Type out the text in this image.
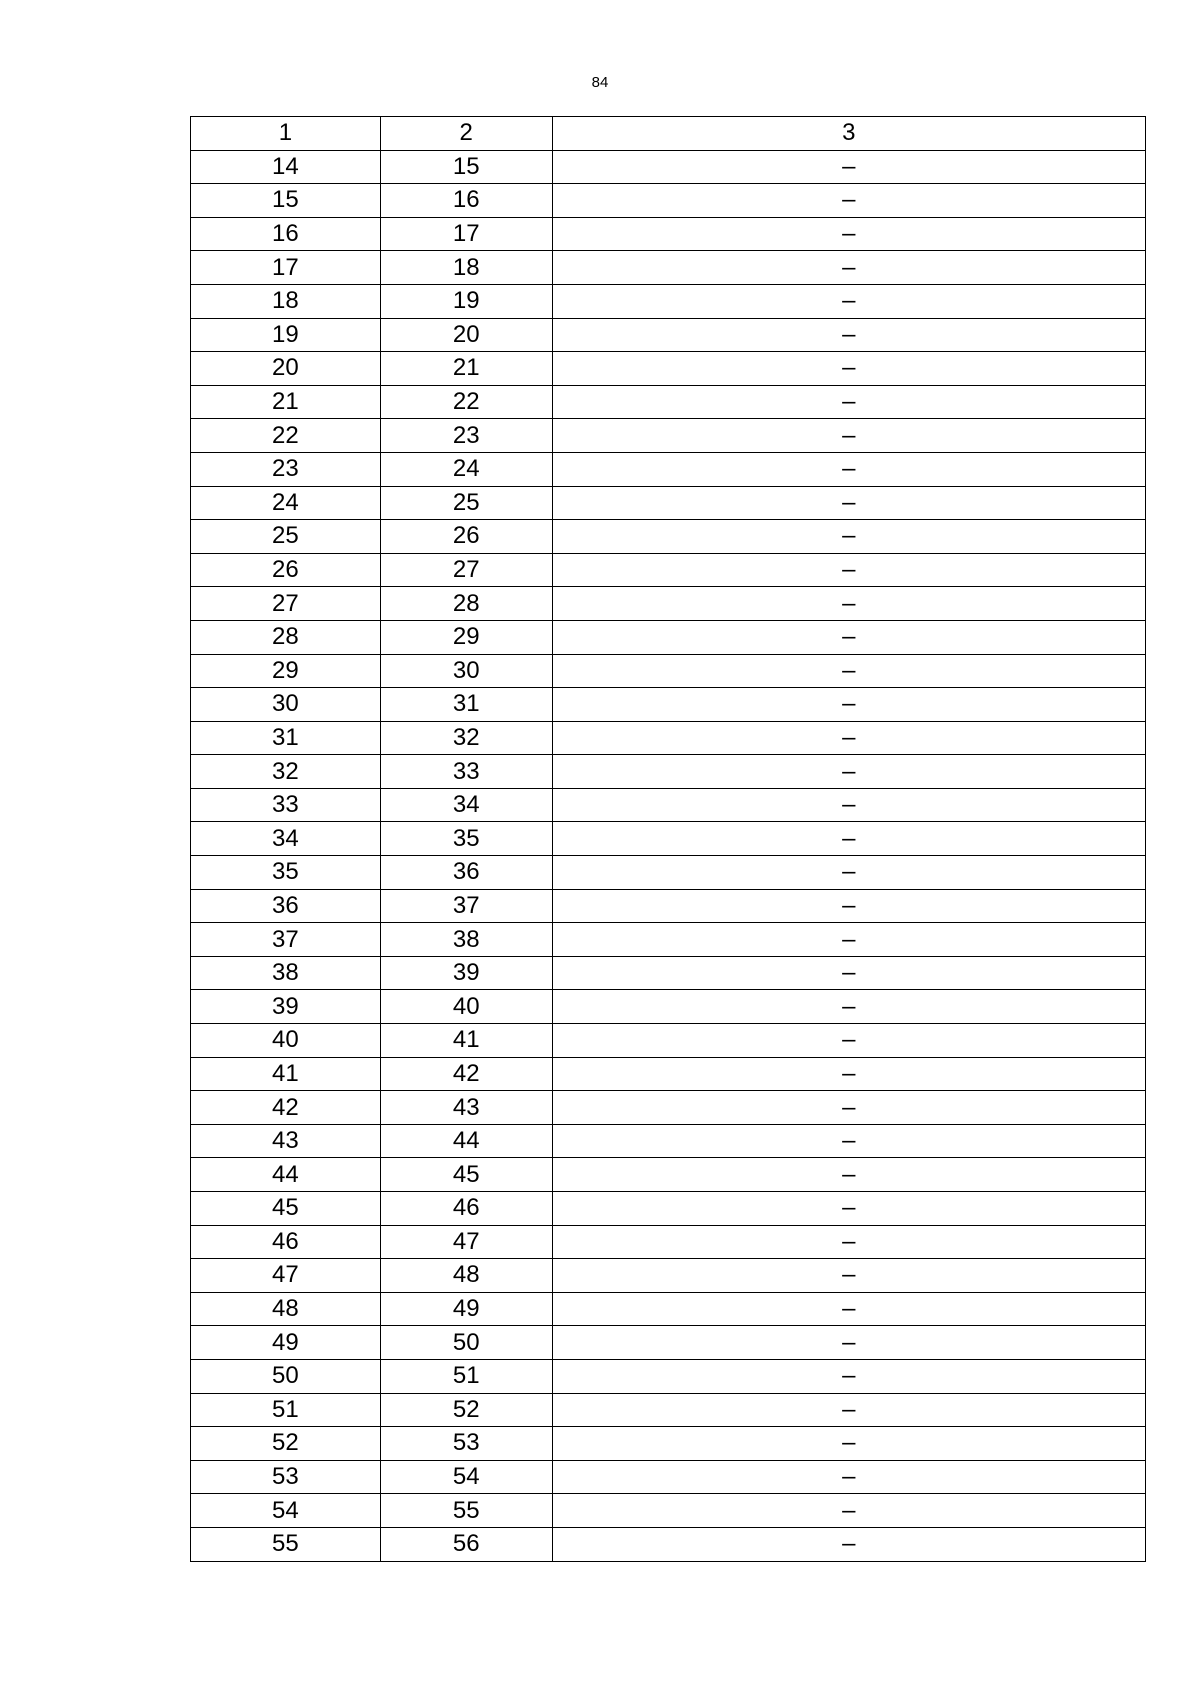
84
1	2	3
14	15	–
15	16	–
16	17	–
17	18	–
18	19	–
19	20	–
20	21	–
21	22	–
22	23	–
23	24	–
24	25	–
25	26	–
26	27	–
27	28	–
28	29	–
29	30	–
30	31	–
31	32	–
32	33	–
33	34	–
34	35	–
35	36	–
36	37	–
37	38	–
38	39	–
39	40	–
40	41	–
41	42	–
42	43	–
43	44	–
44	45	–
45	46	–
46	47	–
47	48	–
48	49	–
49	50	–
50	51	–
51	52	–
52	53	–
53	54	–
54	55	–
55	56	–
